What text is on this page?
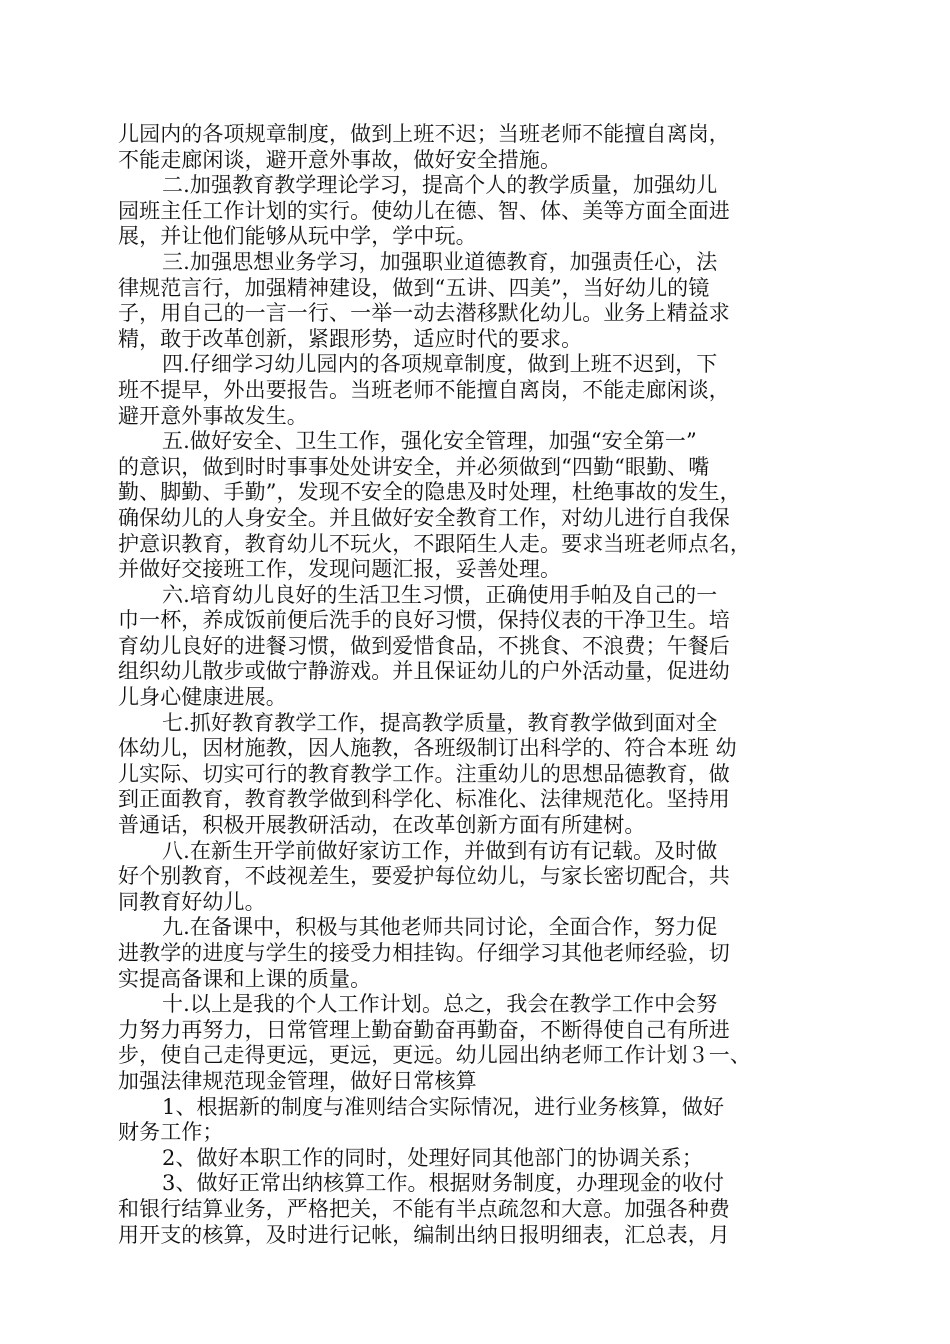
儿园内的各项规章制度，做到上班不迟；当班老师不能擅自离岗，
不能走廊闲谈，避开意外事故，做好安全措施。
二.加强教育教学理论学习，提高个人的教学质量，加强幼儿
园班主任工作计划的实行。使幼儿在德、智、体、美等方面全面进
展，并让他们能够从玩中学，学中玩。
三.加强思想业务学习，加强职业道德教育，加强责任心，法
律规范言行，加强精神建设，做到“五讲、四美”，当好幼儿的镜
子，用自己的一言一行、一举一动去潜移默化幼儿。业务上精益求
精，敢于改革创新，紧跟形势，适应时代的要求。
四.仔细学习幼儿园内的各项规章制度，做到上班不迟到，下
班不提早，外出要报告。当班老师不能擅自离岗，不能走廊闲谈，
避开意外事故发生。
五.做好安全、卫生工作，强化安全管理，加强“安全第一”
的意识，做到时时事事处处讲安全，并必须做到“四勤“眼勤、嘴
勤、脚勤、手勤”，发现不安全的隐患及时处理，杜绝事故的发生，
确保幼儿的人身安全。并且做好安全教育工作，对幼儿进行自我保
护意识教育，教育幼儿不玩火，不跟陌生人走。要求当班老师点名，
并做好交接班工作，发现问题汇报，妥善处理。
六.培育幼儿良好的生活卫生习惯，正确使用手帕及自己的一
巾一杯，养成饭前便后洗手的良好习惯，保持仪表的干净卫生。培
育幼儿良好的进餐习惯，做到爱惜食品，不挑食、不浪费；午餐后
组织幼儿散步或做宁静游戏。并且保证幼儿的户外活动量，促进幼
儿身心健康进展。
七.抓好教育教学工作，提高教学质量，教育教学做到面对全
体幼儿，因材施教，因人施教，各班级制订出科学的、符合本班 幼
儿实际、切实可行的教育教学工作。注重幼儿的思想品德教育，做
到正面教育，教育教学做到科学化、标准化、法律规范化。坚持用
普通话，积极开展教研活动，在改革创新方面有所建树。
八.在新生开学前做好家访工作，并做到有访有记载。及时做
好个别教育，不歧视差生，要爱护每位幼儿，与家长密切配合，共
同教育好幼儿。
九.在备课中，积极与其他老师共同讨论，全面合作，努力促
进教学的进度与学生的接受力相挂钩。仔细学习其他老师经验，切
实提高备课和上课的质量。
十.以上是我的个人工作计划。总之，我会在教学工作中会努
力努力再努力，日常管理上勤奋勤奋再勤奋，不断得使自己有所进
步，使自己走得更远，更远，更远。幼儿园出纳老师工作计划３一、
加强法律规范现金管理，做好日常核算
1、根据新的制度与准则结合实际情况，进行业务核算，做好
财务工作；
2、做好本职工作的同时，处理好同其他部门的协调关系；
3、做好正常出纳核算工作。根据财务制度，办理现金的收付
和银行结算业务，严格把关，不能有半点疏忽和大意。加强各种费
用开支的核算，及时进行记帐，编制出纳日报明细表，汇总表，月
